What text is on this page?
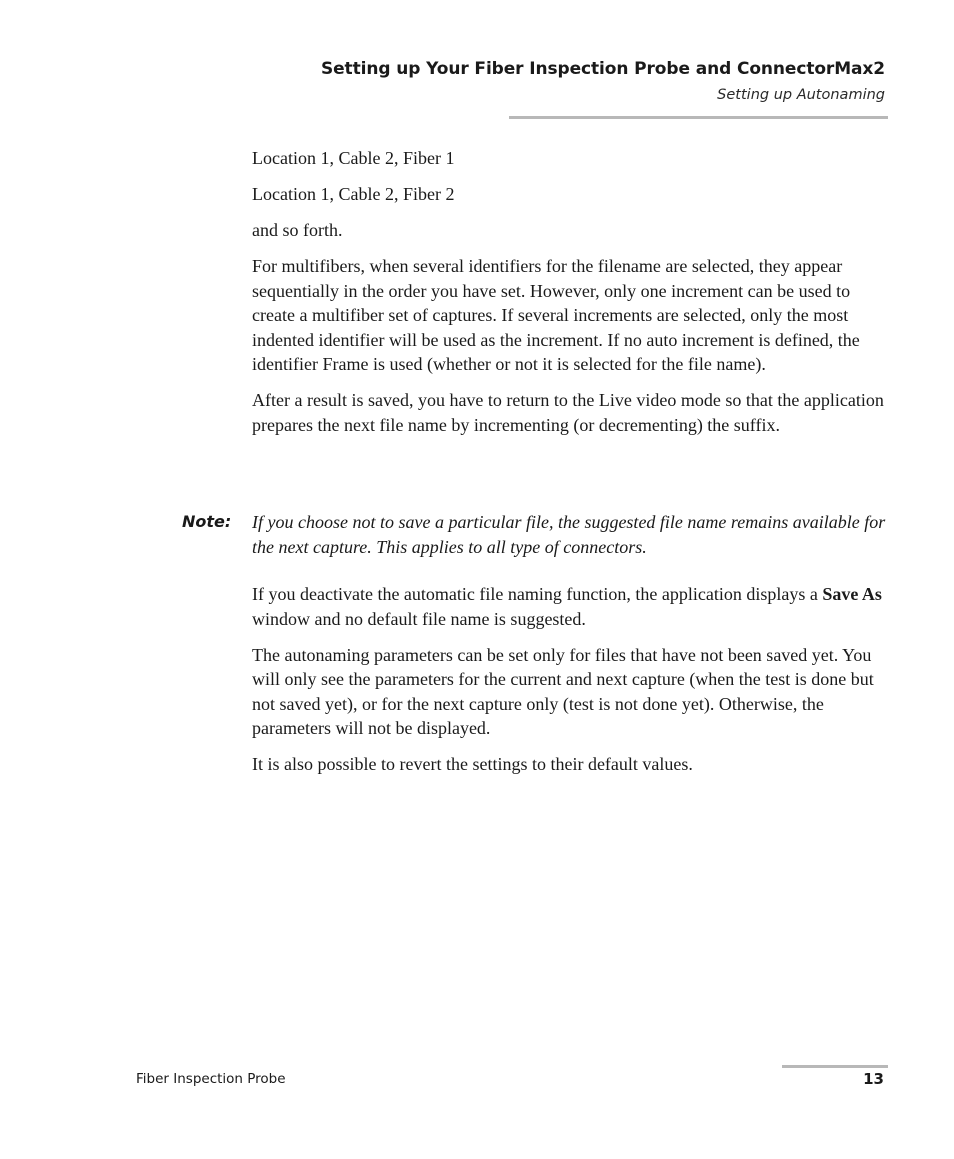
Setting up Your Fiber Inspection Probe and ConnectorMax2
Setting up Autonaming

Location 1, Cable 2, Fiber 1

Location 1, Cable 2, Fiber 2

and so forth.

For multifibers, when several identifiers for the filename are selected, they appear sequentially in the order you have set. However, only one increment can be used to create a multifiber set of captures. If several increments are selected, only the most indented identifier will be used as the increment. If no auto increment is defined, the identifier Frame is used (whether or not it is selected for the file name).

After a result is saved, you have to return to the Live video mode so that the application prepares the next file name by incrementing (or decrementing) the suffix.

Note: If you choose not to save a particular file, the suggested file name remains available for the next capture. This applies to all type of connectors.

If you deactivate the automatic file naming function, the application displays a Save As window and no default file name is suggested.

The autonaming parameters can be set only for files that have not been saved yet. You will only see the parameters for the current and next capture (when the test is done but not saved yet), or for the next capture only (test is not done yet). Otherwise, the parameters will not be displayed.

It is also possible to revert the settings to their default values.

Fiber Inspection Probe	13
